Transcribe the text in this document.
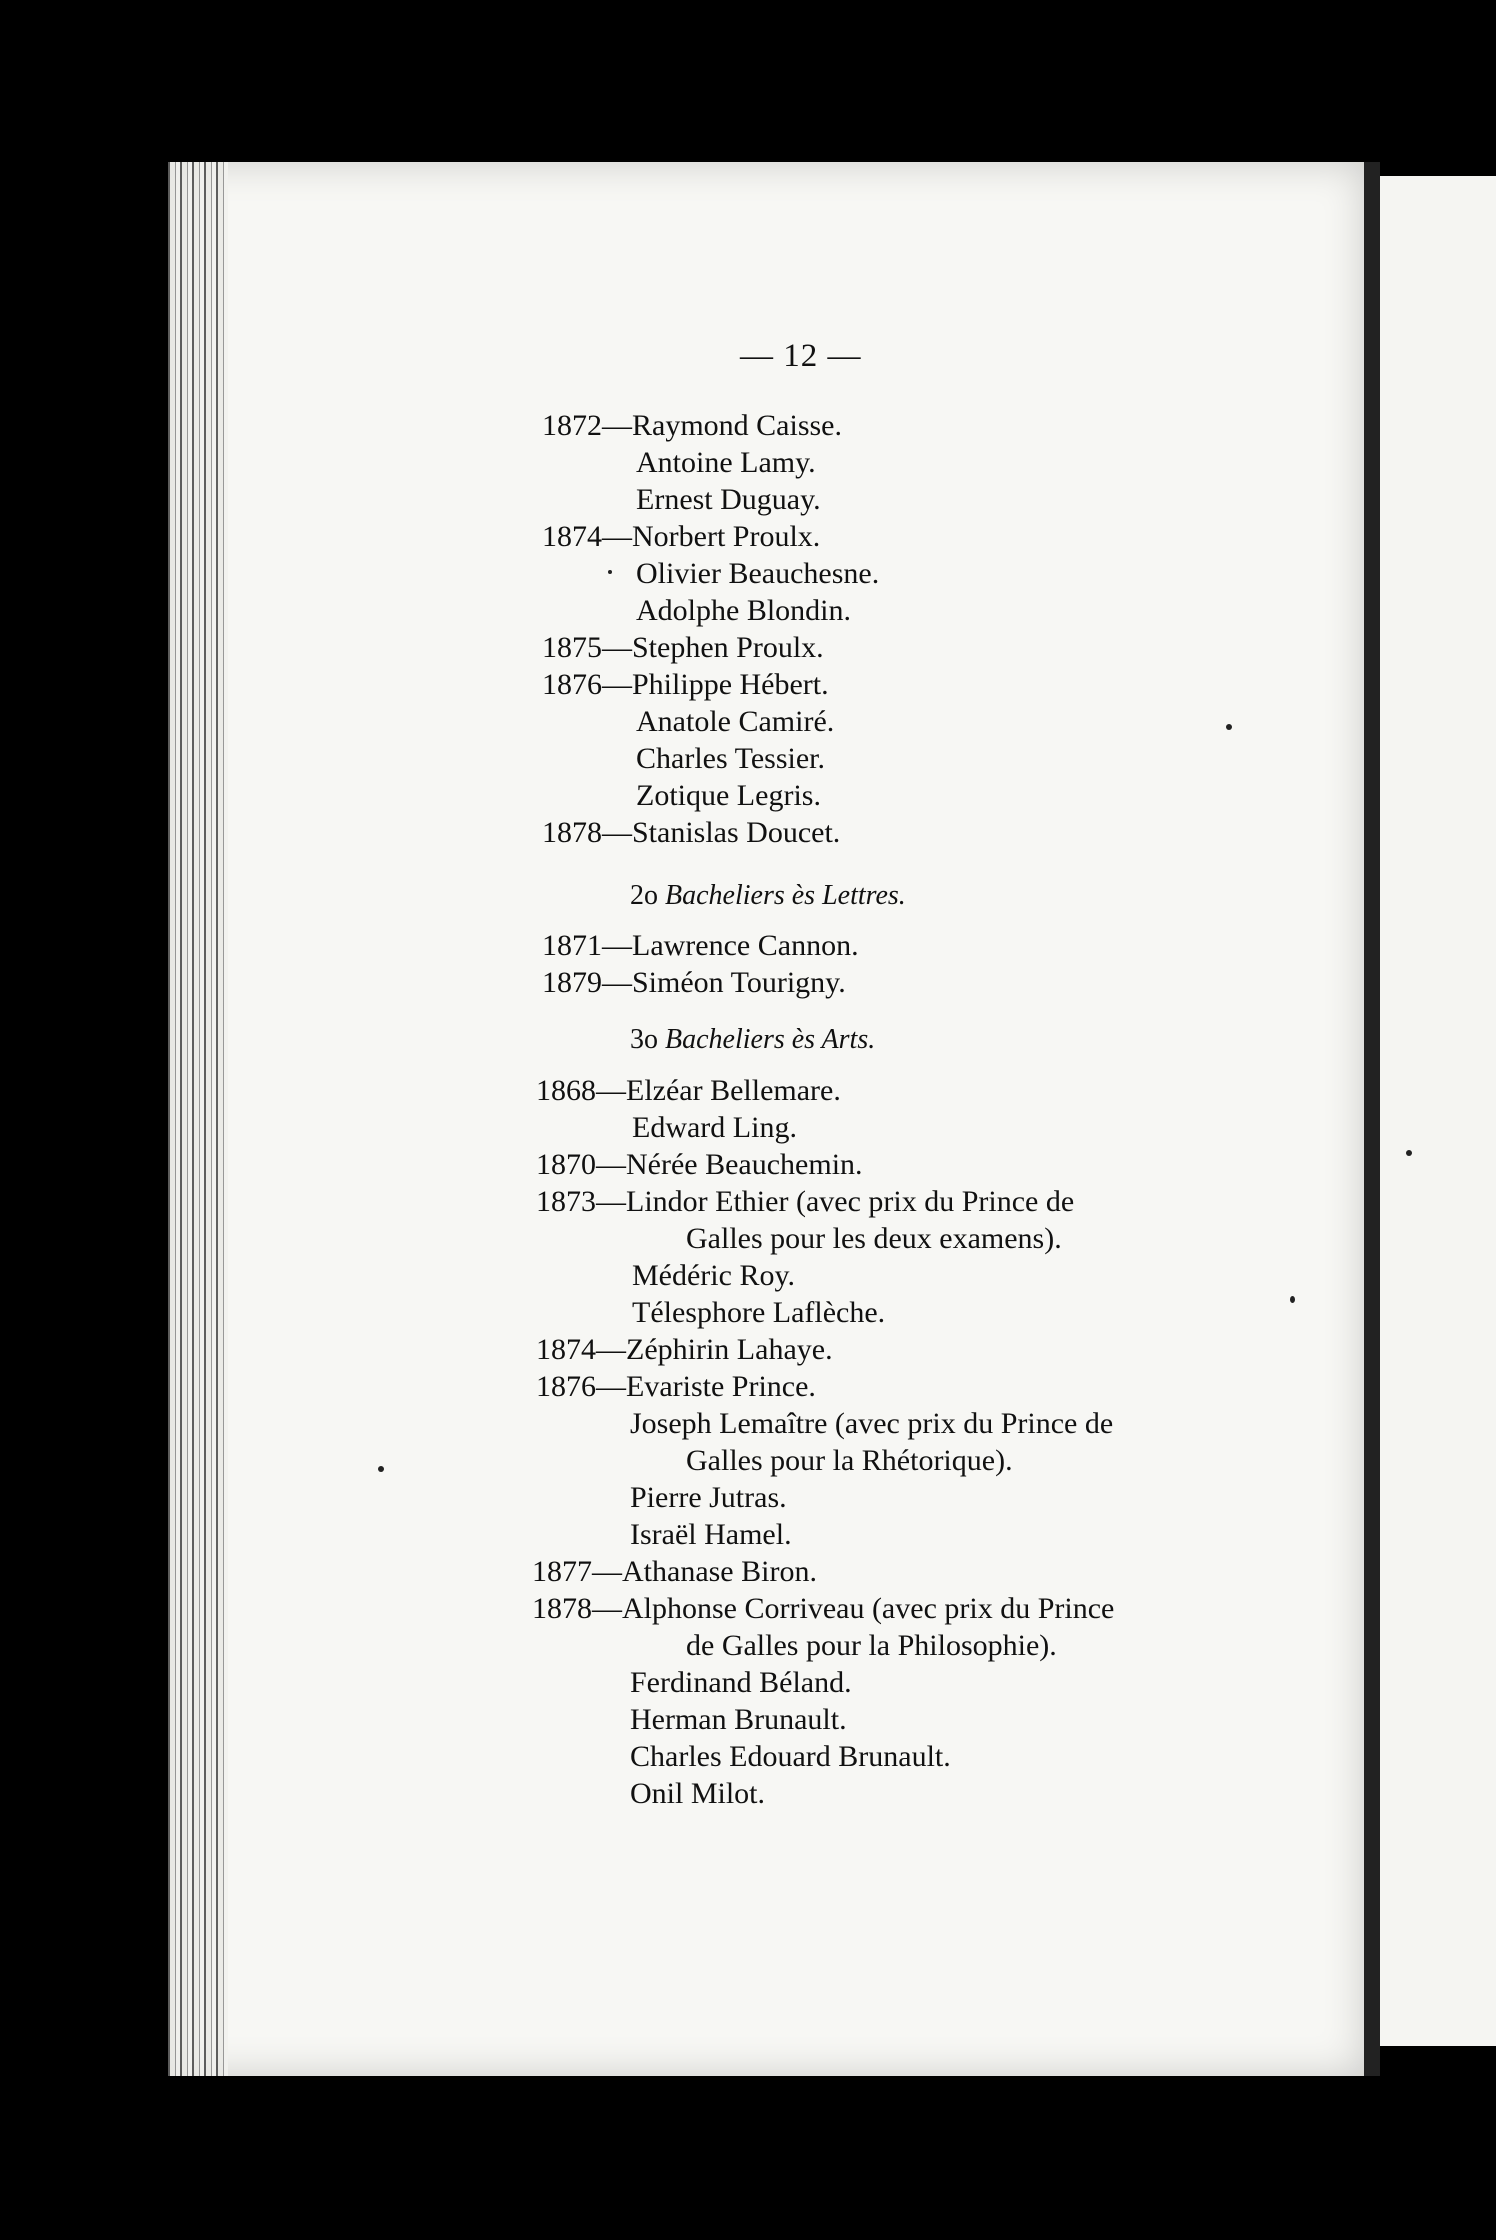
— 12 —
1872—Raymond Caisse.
Antoine Lamy.
Ernest Duguay.
1874—Norbert Proulx.
Olivier Beauchesne.
Adolphe Blondin.
1875—Stephen Proulx.
1876—Philippe Hébert.
Anatole Camiré.
Charles Tessier.
Zotique Legris.
1878—Stanislas Doucet.
2o Bacheliers ès Lettres.
1871—Lawrence Cannon.
1879—Siméon Tourigny.
3o Bacheliers ès Arts.
1868—Elzéar Bellemare.
Edward Ling.
1870—Nérée Beauchemin.
1873—Lindor Ethier (avec prix du Prince de
Galles pour les deux examens).
Médéric Roy.
Télesphore Laflèche.
1874—Zéphirin Lahaye.
1876—Evariste Prince.
Joseph Lemaître (avec prix du Prince de
Galles pour la Rhétorique).
Pierre Jutras.
Israël Hamel.
1877—Athanase Biron.
1878—Alphonse Corriveau (avec prix du Prince
de Galles pour la Philosophie).
Ferdinand Béland.
Herman Brunault.
Charles Edouard Brunault.
Onil Milot.
